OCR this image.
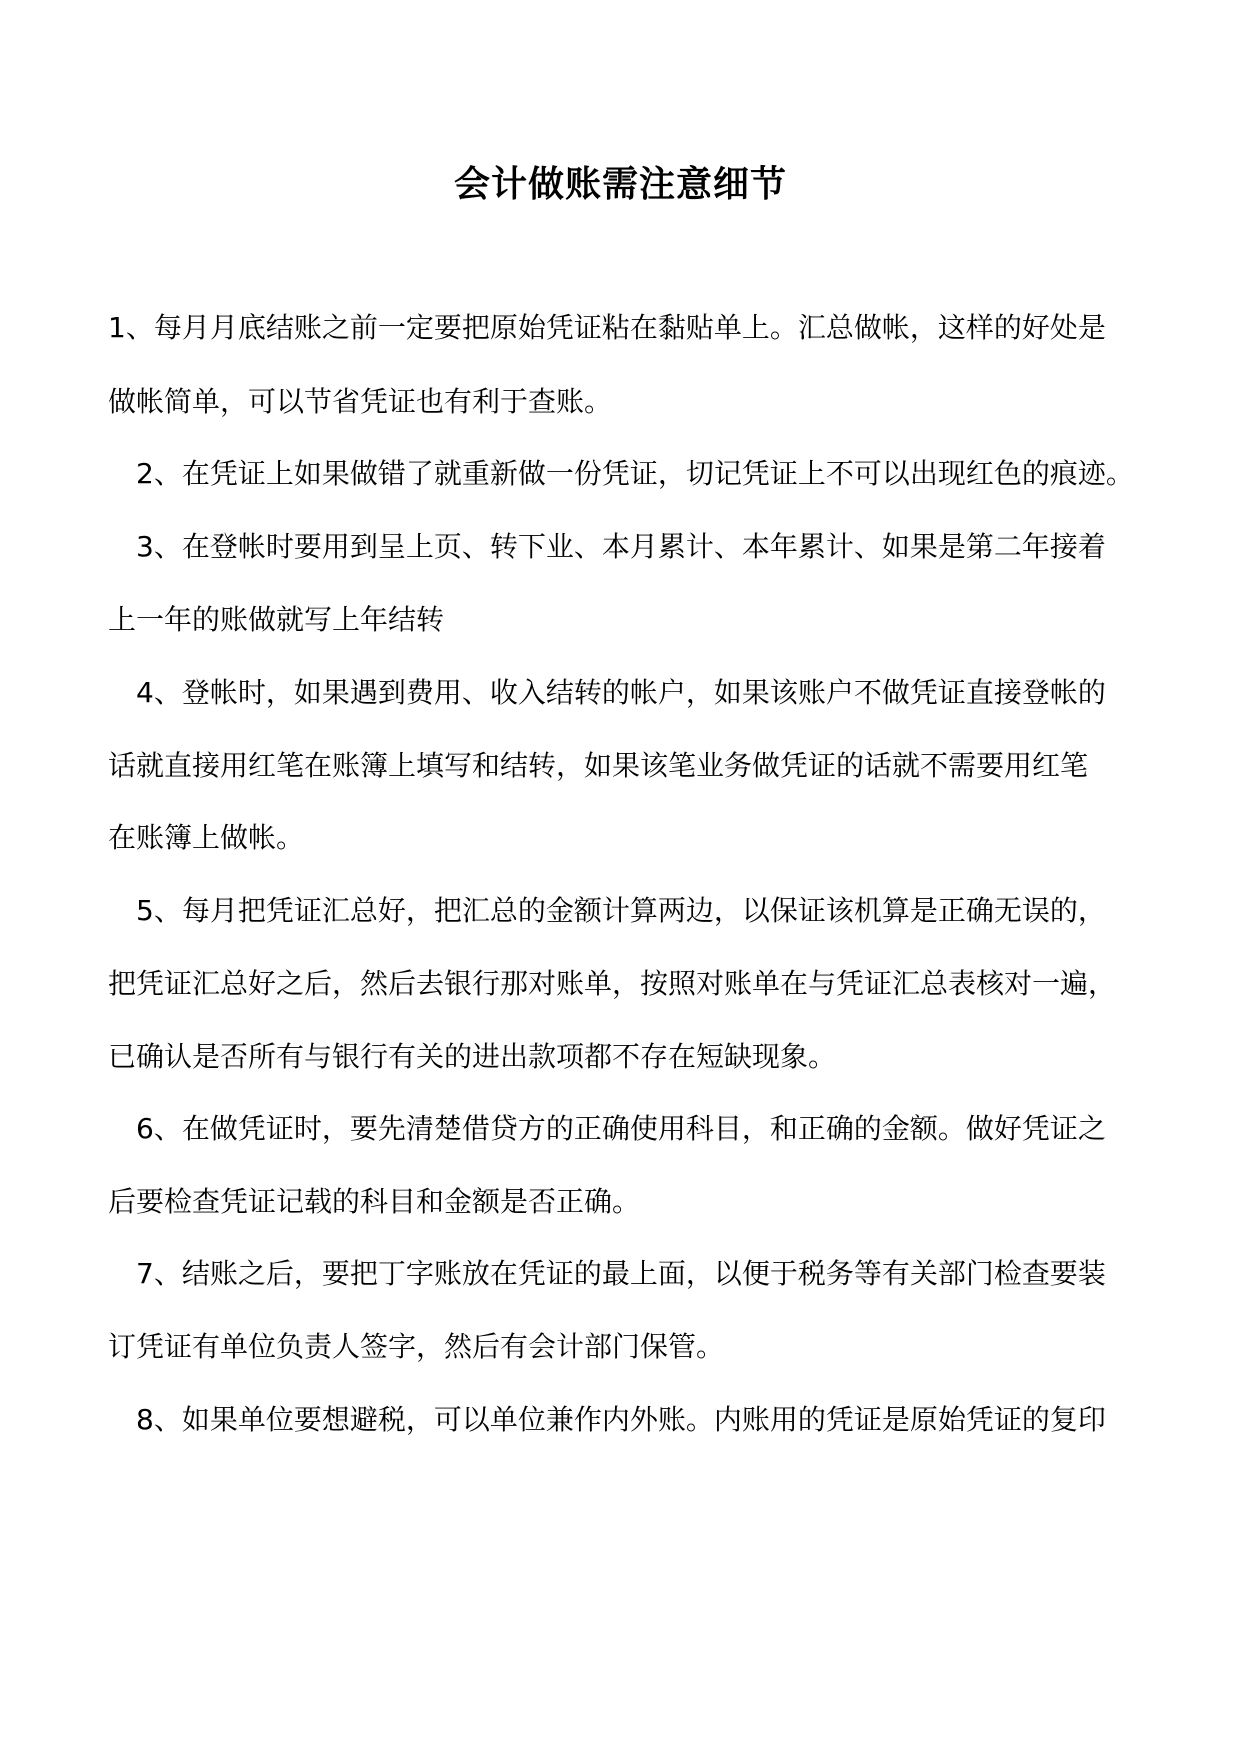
会计做账需注意细节
1、每月月底结账之前一定要把原始凭证粘在黏贴单上。汇总做帐，这样的好处是
做帐简单，可以节省凭证也有利于查账。
2、在凭证上如果做错了就重新做一份凭证，切记凭证上不可以出现红色的痕迹。
3、在登帐时要用到呈上页、转下业、本月累计、本年累计、如果是第二年接着
上一年的账做就写上年结转
4、登帐时，如果遇到费用、收入结转的帐户，如果该账户不做凭证直接登帐的
话就直接用红笔在账簿上填写和结转，如果该笔业务做凭证的话就不需要用红笔
在账簿上做帐。
5、每月把凭证汇总好，把汇总的金额计算两边，以保证该机算是正确无误的，
把凭证汇总好之后，然后去银行那对账单，按照对账单在与凭证汇总表核对一遍，
已确认是否所有与银行有关的进出款项都不存在短缺现象。
6、在做凭证时，要先清楚借贷方的正确使用科目，和正确的金额。做好凭证之
后要检查凭证记载的科目和金额是否正确。
7、结账之后，要把丁字账放在凭证的最上面，以便于税务等有关部门检查要装
订凭证有单位负责人签字，然后有会计部门保管。
8、如果单位要想避税，可以单位兼作内外账。内账用的凭证是原始凭证的复印
